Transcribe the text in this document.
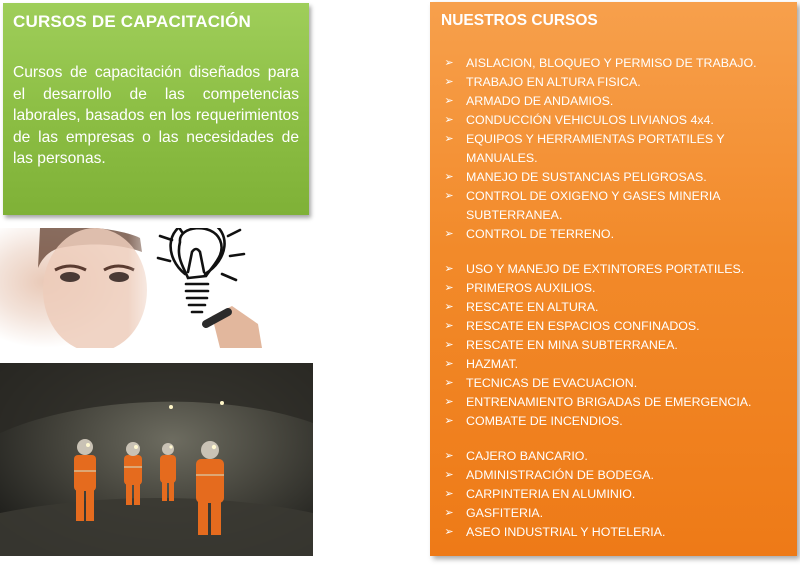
CURSOS DE CAPACITACIÓN
Cursos de capacitación diseñados para el desarrollo de las competencias laborales, basados en los requerimientos de las empresas o las necesidades de las personas.
NUESTROS CURSOS
➢ AISLACION, BLOQUEO Y PERMISO DE TRABAJO.
➢ TRABAJO EN ALTURA FISICA.
➢ ARMADO DE ANDAMIOS.
➢ CONDUCCIÓN VEHICULOS LIVIANOS 4x4.
➢ EQUIPOS Y HERRAMIENTAS PORTATILES Y
MANUALES.
➢ MANEJO DE SUSTANCIAS PELIGROSAS.
➢ CONTROL DE OXIGENO Y GASES MINERIA
SUBTERRANEA.
➢ CONTROL DE TERRENO.
➢ USO Y MANEJO DE EXTINTORES PORTATILES.
➢ PRIMEROS AUXILIOS.
➢ RESCATE EN ALTURA.
➢ RESCATE EN ESPACIOS CONFINADOS.
➢ RESCATE EN MINA SUBTERRANEA.
➢ HAZMAT.
➢ TECNICAS DE EVACUACION.
➢ ENTRENAMIENTO BRIGADAS DE EMERGENCIA.
➢ COMBATE DE INCENDIOS.
➢ CAJERO BANCARIO.
➢ ADMINISTRACIÓN DE BODEGA.
➢ CARPINTERIA EN ALUMINIO.
➢ GASFITERIA.
➢ ASEO INDUSTRIAL Y HOTELERIA.
